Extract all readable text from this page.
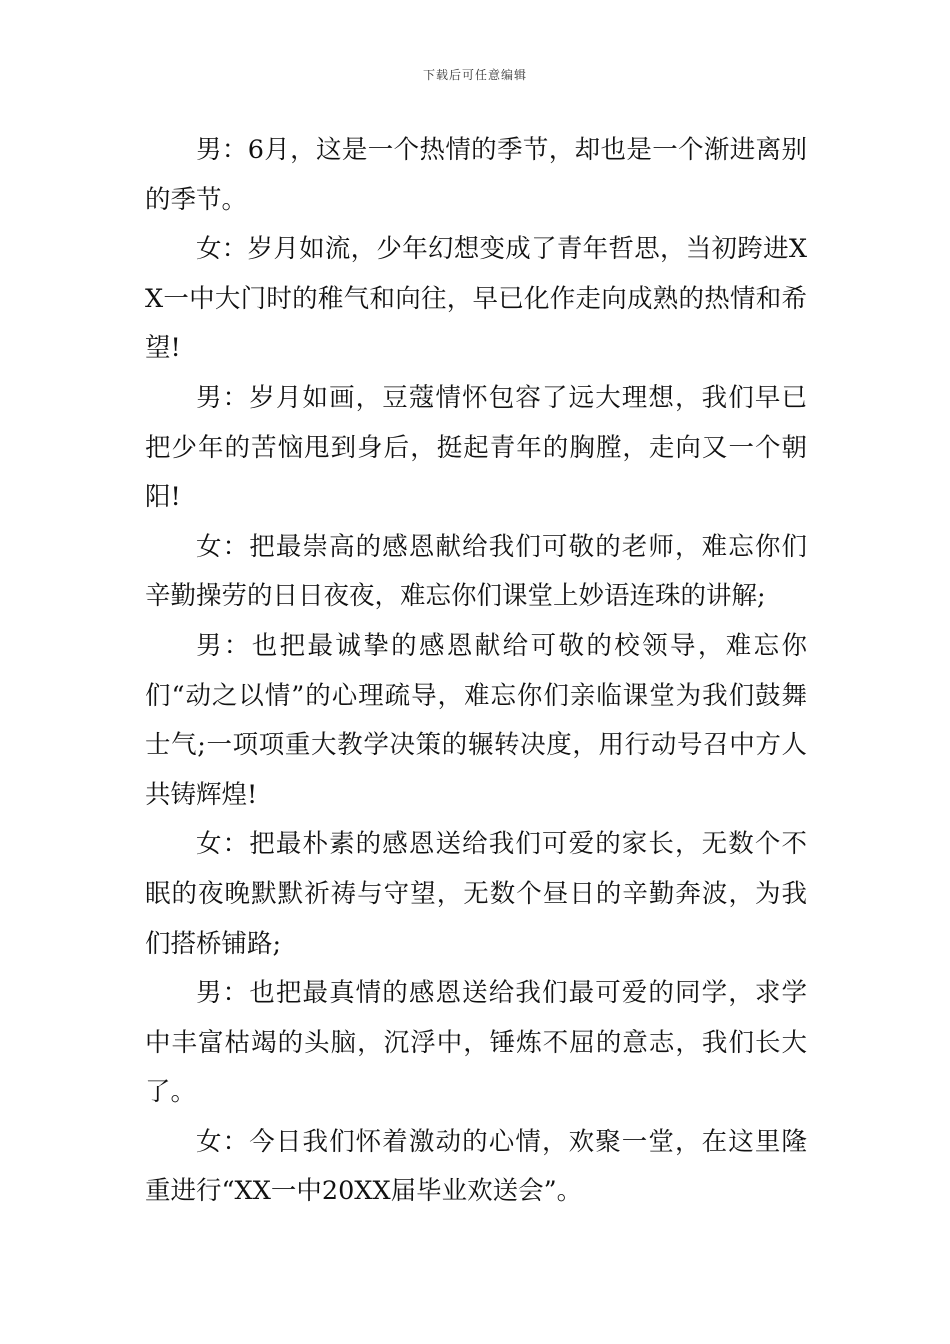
下载后可任意编辑

男：6月，这是一个热情的季节，却也是一个渐进离别的季节。

女：岁月如流，少年幻想变成了青年哲思，当初跨进XX一中大门时的稚气和向往，早已化作走向成熟的热情和希望!

男：岁月如画，豆蔻情怀包容了远大理想，我们早已把少年的苦恼甩到身后，挺起青年的胸膛，走向又一个朝阳!

女：把最崇高的感恩献给我们可敬的老师，难忘你们辛勤操劳的日日夜夜，难忘你们课堂上妙语连珠的讲解;

男：也把最诚挚的感恩献给可敬的校领导，难忘你们“动之以情”的心理疏导，难忘你们亲临课堂为我们鼓舞士气;一项项重大教学决策的辗转决度，用行动号召中方人共铸辉煌!

女：把最朴素的感恩送给我们可爱的家长，无数个不眠的夜晚默默祈祷与守望，无数个昼日的辛勤奔波，为我们搭桥铺路;

男：也把最真情的感恩送给我们最可爱的同学，求学中丰富枯竭的头脑，沉浮中，锤炼不屈的意志，我们长大了。

女：今日我们怀着激动的心情，欢聚一堂，在这里隆重进行“XX一中20XX届毕业欢送会”。
